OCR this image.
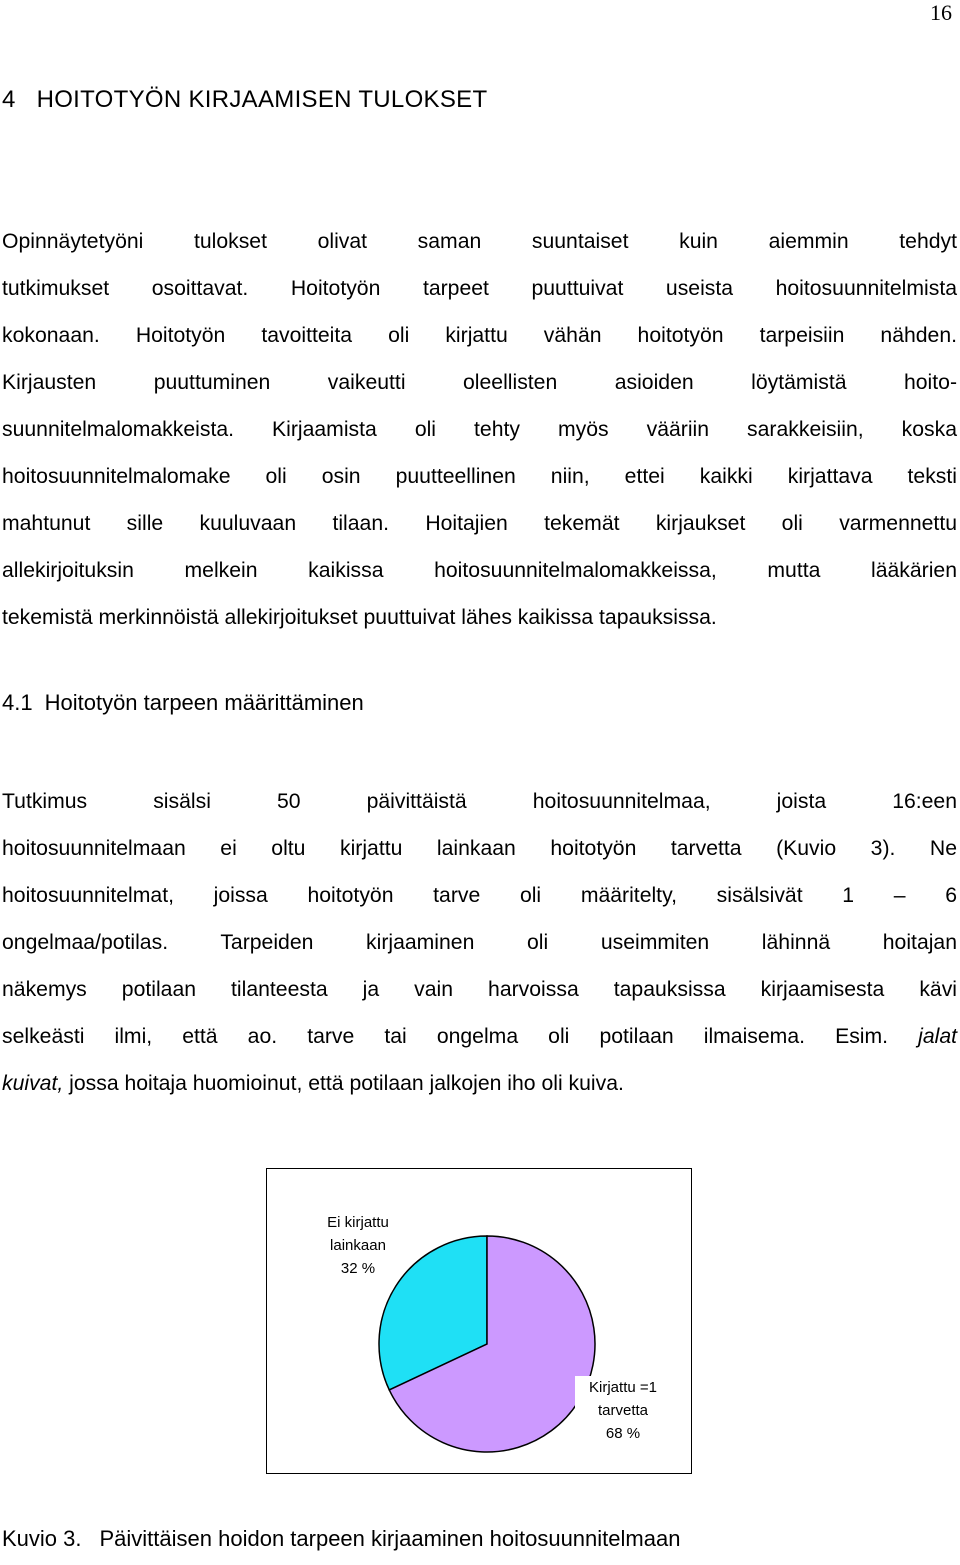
16
4 HOITOTYÖN KIRJAAMISEN TULOKSET
Opinnäytetyöni tulokset olivat saman suuntaiset kuin aiemmin tehdyt
tutkimukset osoittavat. Hoitotyön tarpeet puuttuivat useista hoitosuunnitelmista
kokonaan. Hoitotyön tavoitteita oli kirjattu vähän hoitotyön tarpeisiin nähden.
Kirjausten puuttuminen vaikeutti oleellisten asioiden löytämistä hoito-
suunnitelmalomakkeista. Kirjaamista oli tehty myös vääriin sarakkeisiin, koska
hoitosuunnitelmalomake oli osin puutteellinen niin, ettei kaikki kirjattava teksti
mahtunut sille kuuluvaan tilaan. Hoitajien tekemät kirjaukset oli varmennettu
allekirjoituksin melkein kaikissa hoitosuunnitelmalomakkeissa, mutta lääkärien
tekemistä merkinnöistä allekirjoitukset puuttuivat lähes kaikissa tapauksissa.
4.1 Hoitotyön tarpeen määrittäminen
Tutkimus sisälsi 50 päivittäistä hoitosuunnitelmaa, joista 16:een
hoitosuunnitelmaan ei oltu kirjattu lainkaan hoitotyön tarvetta (Kuvio 3). Ne
hoitosuunnitelmat, joissa hoitotyön tarve oli määritelty, sisälsivät 1 – 6
ongelmaa/potilas. Tarpeiden kirjaaminen oli useimmiten lähinnä hoitajan
näkemys potilaan tilanteesta ja vain harvoissa tapauksissa kirjaamisesta kävi
selkeästi ilmi, että ao. tarve tai ongelma oli potilaan ilmaisema. Esim. jalat
kuivat, jossa hoitaja huomioinut, että potilaan jalkojen iho oli kuiva.
Ei kirjattu
lainkaan
32 %
Kirjattu =1
tarvetta
68 %
Kuvio 3. Päivittäisen hoidon tarpeen kirjaaminen hoitosuunnitelmaan
